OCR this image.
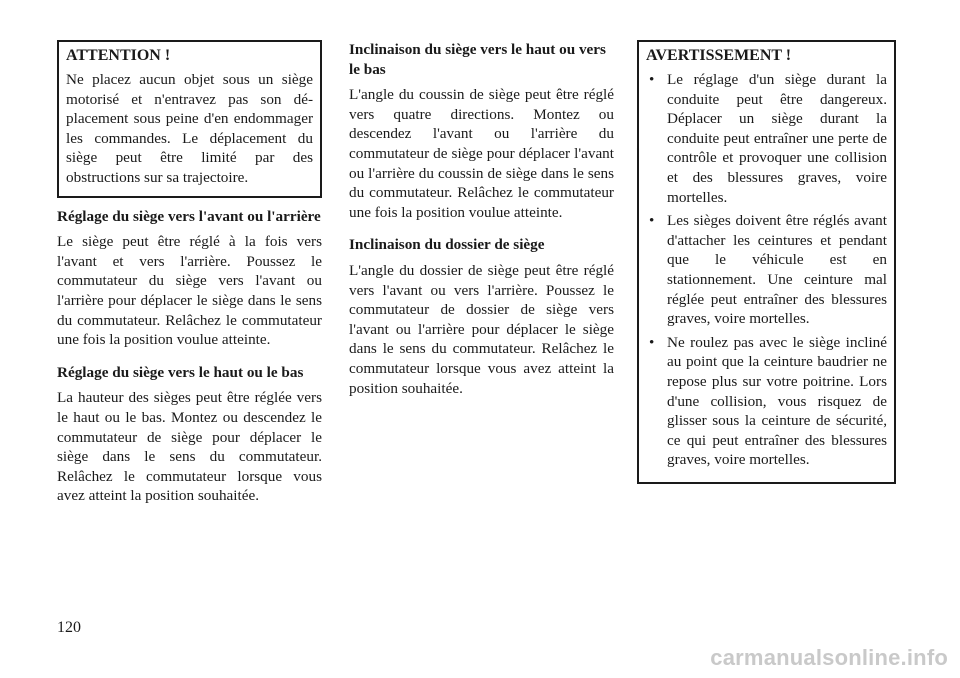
ATTENTION !
Ne placez aucun objet sous un siège motorisé et n'entravez pas son déplacement sous peine d'en endommager les commandes. Le déplacement du siège peut être limité par des obstructions sur sa trajectoire.
Réglage du siège vers l'avant ou l'arrière

Le siège peut être réglé à la fois vers l'avant et vers l'arrière. Poussez le commutateur du siège vers l'avant ou l'arrière pour déplacer le siège dans le sens du commutateur. Relâchez le commutateur une fois la position voulue atteinte.

Réglage du siège vers le haut ou le bas

La hauteur des sièges peut être réglée vers le haut ou le bas. Montez ou descendez le commutateur de siège pour déplacer le siège dans le sens du commutateur. Relâchez le commutateur lorsque vous avez atteint la position souhaitée.

Inclinaison du siège vers le haut ou vers le bas

L'angle du coussin de siège peut être réglé vers quatre directions. Montez ou descendez l'avant ou l'arrière du commutateur de siège pour déplacer l'avant ou l'arrière du coussin de siège dans le sens du commutateur. Relâchez le commutateur une fois la position voulue atteinte.

Inclinaison du dossier de siège

L'angle du dossier de siège peut être réglé vers l'avant ou vers l'arrière. Poussez le commutateur de dossier de siège vers l'avant ou l'arrière pour déplacer le siège dans le sens du commutateur. Relâchez le commutateur lorsque vous avez atteint la position souhaitée.

AVERTISSEMENT !
• Le réglage d'un siège durant la conduite peut être dangereux. Déplacer un siège durant la conduite peut entraîner une perte de contrôle et provoquer une collision et des blessures graves, voire mortelles.
• Les sièges doivent être réglés avant d'attacher les ceintures et pendant que le véhicule est en stationnement. Une ceinture mal réglée peut entraîner des blessures graves, voire mortelles.
• Ne roulez pas avec le siège incliné au point que la ceinture baudrier ne repose plus sur votre poitrine. Lors d'une collision, vous risquez de glisser sous la ceinture de sécurité, ce qui peut entraîner des blessures graves, voire mortelles.
120
carmanualsonline.info
